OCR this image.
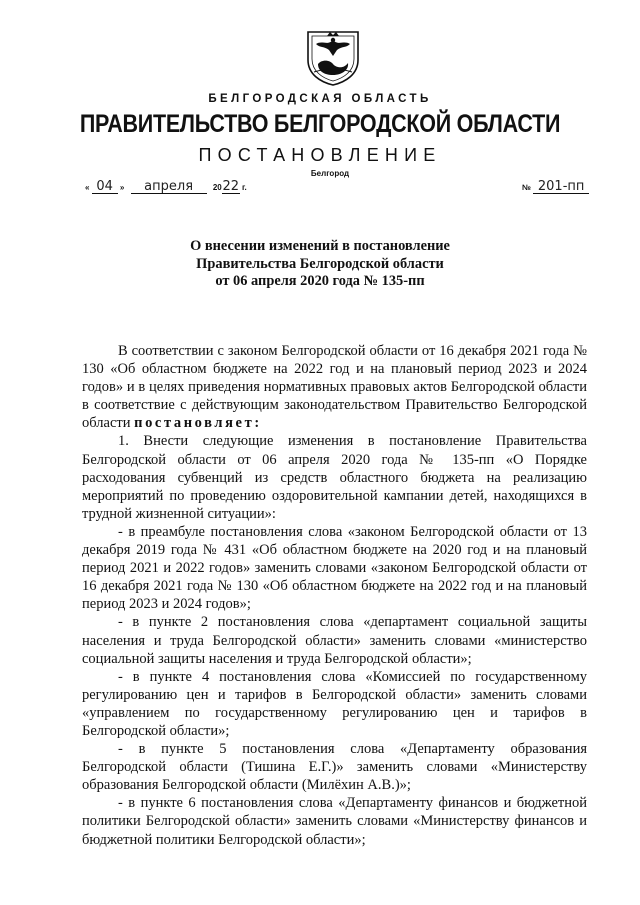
БЕЛГОРОДСКАЯ ОБЛАСТЬ
ПРАВИТЕЛЬСТВО БЕЛГОРОДСКОЙ ОБЛАСТИ
ПОСТАНОВЛЕНИЕ
Белгород
« 04 » апреля 2022 г.	№ 201-пп
О внесении изменений в постановление
Правительства Белгородской области
от 06 апреля 2020 года № 135-пп

В соответствии с законом Белгородской области от 16 декабря 2021 года № 130 «Об областном бюджете на 2022 год и на плановый период 2023 и 2024 годов» и в целях приведения нормативных правовых актов Белгородской области в соответствие с действующим законодательством Правительство Белгородской области постановляет:

1. Внести следующие изменения в постановление Правительства Белгородской области от 06 апреля 2020 года № 135-пп «О Порядке расходования субвенций из средств областного бюджета на реализацию мероприятий по проведению оздоровительной кампании детей, находящихся в трудной жизненной ситуации»:

- в преамбуле постановления слова «законом Белгородской области от 13 декабря 2019 года № 431 «Об областном бюджете на 2020 год и на плановый период 2021 и 2022 годов» заменить словами «законом Белгородской области от 16 декабря 2021 года № 130 «Об областном бюджете на 2022 год и на плановый период 2023 и 2024 годов»;

- в пункте 2 постановления слова «департамент социальной защиты населения и труда Белгородской области» заменить словами «министерство социальной защиты населения и труда Белгородской области»;

- в пункте 4 постановления слова «Комиссией по государственному регулированию цен и тарифов в Белгородской области» заменить словами «управлением по государственному регулированию цен и тарифов в Белгородской области»;

- в пункте 5 постановления слова «Департаменту образования Белгородской области (Тишина Е.Г.)» заменить словами «Министерству образования Белгородской области (Милёхин А.В.)»;

- в пункте 6 постановления слова «Департаменту финансов и бюджетной политики Белгородской области» заменить словами «Министерству финансов и бюджетной политики Белгородской области»;
